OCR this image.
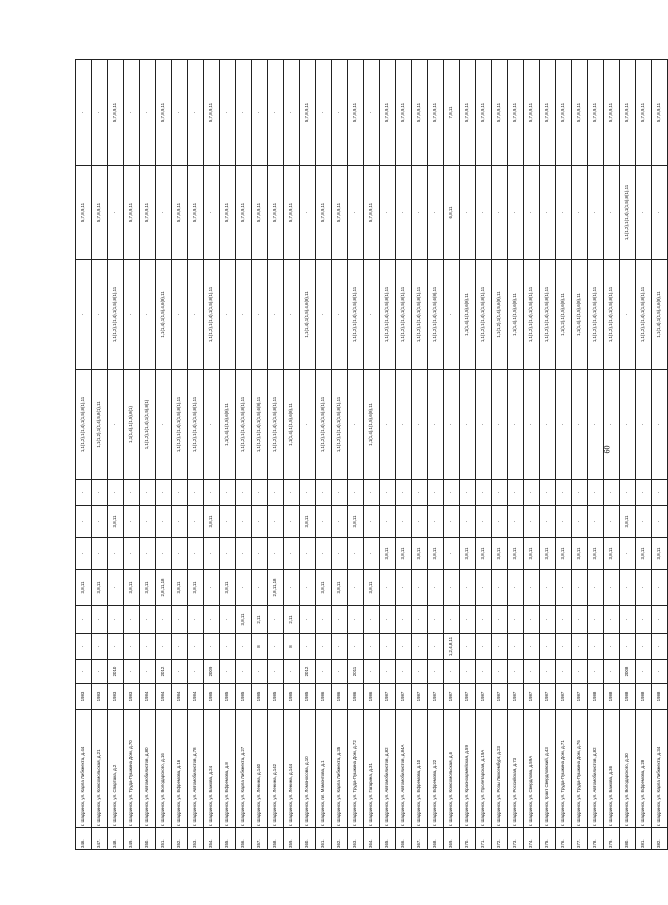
60
346.	г. Шадринск, ул. Карла Либкнехта, д.44	1983	-	-	-	3,8,11	-	-	-	1,1(1,2),1(1,4),1(1,5),8(1),11	-	5,7,8,9,11	-
347.	г. Шадринск, ул. Комсомольская, д.21	1983	-	-	-	3,8,11	-	-	-	1,1(1,2),1(1,4),5,8(1),11	-	5,7,8,9,11	-
348.	г. Шадринск, ул. Спартака, д.2	1983	2010	-	-	-	-	3,8,11	-	-	1,1(1,2),1(1,4),1(1,5),8(1),11	-	5,7,8,9,11
349.	г. Шадринск, ул. Труда-Пушкина Дом, д.70	1983	-	-	-	3,8,11	-	-	-	1,1(1,4),1(1,5),8(1)	-	5,7,8,9,11	-
350.	г. Шадринск, ул. Автомобилистов, д.80	1984	-	-	-	3,8,11	-	-	-	1,1(1,2),1(1,4),1(1,5),8(1)	-	5,7,8,9,11	-
351.	г. Шадринск, ул. Володарского, д.16	1984	2012	-	-	2,8,11,18	-	-	-	-	1,1(1,4),1(1,5),4,6(8),11	-	5,7,8,9,11
352.	г. Шадринск, ул. Ефремова, д.16	1984	-	-	-	3,8,11	-	-	-	1,1(1,2),1(1,4),1(1,5),8(1),11	-	5,7,8,9,11	-
353.	г. Шадринск, ул. Автомобилистов, д.78	1984	-	-	-	3,8,11	-	-	-	1,1(1,2),1(1,4),1(1,5),8(1),11	-	5,7,8,9,11	-
354.	г. Шадринск, ул. Бажова, д.24	1985	2009	-	-	-	-	3,8,11	-	-	1,1(1,2),1(1,4),1(1,5),8(1),11	-	5,7,8,9,11
355.	г. Шадринск, ул. Ефремова, д.8	1985	-	-	-	3,8,11	-	-	-	1,1(1,4),1(1,5),6(8),11	-	5,7,8,9,11	-
356.	г. Шадринск, ул. Карла Либкнехта, д.27	1985	-	-	3,8,11	-	-	-	-	1,1(1,2),1(1,4),1(1,5),8(1),11	-	5,7,8,9,11	-
357.	г. Шадринск, ул. Ленина, д.140	1985	-	8	2,11	-	-	-	-	1,1(1,2),1(1,4),1(1,5),6(8),11	-	5,7,8,9,11	-
358.	г. Шадринск, ул. Ленина, д.142	1985	-	-	-	2,8,11,18	-	-	-	1,1(1,2),1(1,4),1(1,5),8(1),11	-	5,7,8,9,11	-
359.	г. Шадринск, ул. Ленина, д.144	1985	-	8	2,11	-	-	-	-	1,1(1,4),1(1,5),6(8),11	-	5,7,8,9,11	-
360.	г. Шадринск, ул. Ломоносова, д.10	1985	2012	-	-	-	-	3,8,11	-	-	1,1(1,4),1(1,5),4,6(8),11	-	5,7,8,9,11
361.	г. Шадринск, пл. Мамонтова, д.1	1986	-	-	-	3,8,11	-	-	-	1,1(1,2),1(1,4),1(1,5),8(1),11	-	5,7,8,9,11	-
362.	г. Шадринск, ул. Карла Либкнехта, д.35	1986	-	-	-	3,8,11	-	-	-	1,1(1,2),1(1,4),1(1,5),8(1),11	-	5,7,8,9,11	-
363.	г. Шадринск, ул. Труда-Пушкина Дом, д.72	1986	2011	-	-	-	-	3,8,11	-	-	1,1(1,2),1(1,4),1(1,5),8(1),11	-	5,7,8,9,11
364.	г. Шадринск, ул. Гагарина, д.31	1986	-	-	-	3,8,11	-	-	-	1,1(1,4),1(1,5),6(8),11	-	5,7,8,9,11	-
365.	г. Шадринск, ул. Автомобилистов, д.82	1987	-	-	-	-	3,8,11	-	-	-	1,1(1,2),1(1,4),1(1,5),8(1),11	-	5,7,8,9,11
366.	г. Шадринск, ул. Автомобилистов, д.84А	1987	-	-	-	-	3,8,11	-	-	-	1,1(1,2),1(1,4),1(1,5),8(1),11	-	5,7,8,9,11
367.	г. Шадринск, ул. Ефремова, д.10	1987	-	-	-	-	3,8,11	-	-	-	1,1(1,2),1(1,4),1(1,5),8(1),11	-	5,7,8,9,11
368.	г. Шадринск, ул. Ефремова, д.22	1987	-	-	-	-	3,8,11	-	-	-	1,1(1,2),1(1,4),1(1,5),6(8),11	-	5,7,8,9,11
369.	г. Шадринск, ул. Комсомольская, д.6	1987	-	1,2,4,8,11	-	-	-	-	-	-	-	6,8,11	7,8,11
370.	г. Шадринск, ул. Красноармейская, д.59	1987	-	-	-	-	3,8,11	-	-	-	1,1(1,4),1(1,5),6(8),11	-	5,7,8,9,11
371.	г. Шадринск, ул. Пролетарская, д.19А	1987	-	-	-	-	3,8,11	-	-	-	1,1(1,2),1(1,4),1(1,5),8(1),11	-	5,7,8,9,11
372.	г. Шадринск, ул. Розы Люксембург, д.23	1987	-	-	-	-	3,8,11	-	-	-	1,1(1,2),1(1,4),5,6(8),11	-	5,7,8,9,11
373.	г. Шадринск, ул. Российская, д.73	1987	-	-	-	-	3,8,11	-	-	-	1,1(1,4),1(1,5),6(8),11	-	5,7,8,9,11
374.	г. Шадринск, ул. Свердлова, д.59А	1987	-	-	-	-	3,8,11	-	-	-	1,1(1,2),1(1,4),1(1,5),8(1),11	-	5,7,8,9,11
375.	г. Шадринск, тракт Свердловский, д.43	1987	-	-	-	-	3,8,11	-	-	-	1,1(1,2),1(1,4),1(1,5),8(1),11	-	5,7,8,9,11
376.	г. Шадринск, ул. Труда-Пушкина Дом, д.71	1987	-	-	-	-	3,8,11	-	-	-	1,1(1,2),1(1,5),6(8),11	-	5,7,8,9,11
377.	г. Шадринск, ул. Труда-Пушкина Дом, д.76	1987	-	-	-	-	3,8,11	-	-	-	1,1(1,4),1(1,5),6(8),11	-	5,7,8,9,11
378.	г. Шадринск, ул. Автомобилистов, д.82	1988	-	-	-	-	3,8,11	-	-	-	1,1(1,2),1(1,4),1(1,5),8(1),11	-	5,7,8,9,11
379.	г. Шадринск, ул. Бажова, д.36	1988	-	-	-	-	3,8,11	-	-	-	1,1(1,2),1(1,4),1(1,5),8(1),11	-	5,7,8,9,11
380.	г. Шадринск, ул. Володарского, д.30	1988	2008	-	-	-	-	3,8,11	-	-	-	1,1(1,2),1(1,4),1(1,5),8(1),11	5,7,8,9,11
381.	г. Шадринск, ул. Ефремова, д.28	1988	-	-	-	-	3,8,11	-	-	-	1,1(1,2),1(1,4),1(1,5),8(1),11	-	5,7,8,9,11
382.	г. Шадринск, ул. Карла Либкнехта, д.34	1988	-	-	-	-	3,8,11	-	-	-	1,1(1,4),1(1,5),4,6(8),11	-	5,7,8,9,11
